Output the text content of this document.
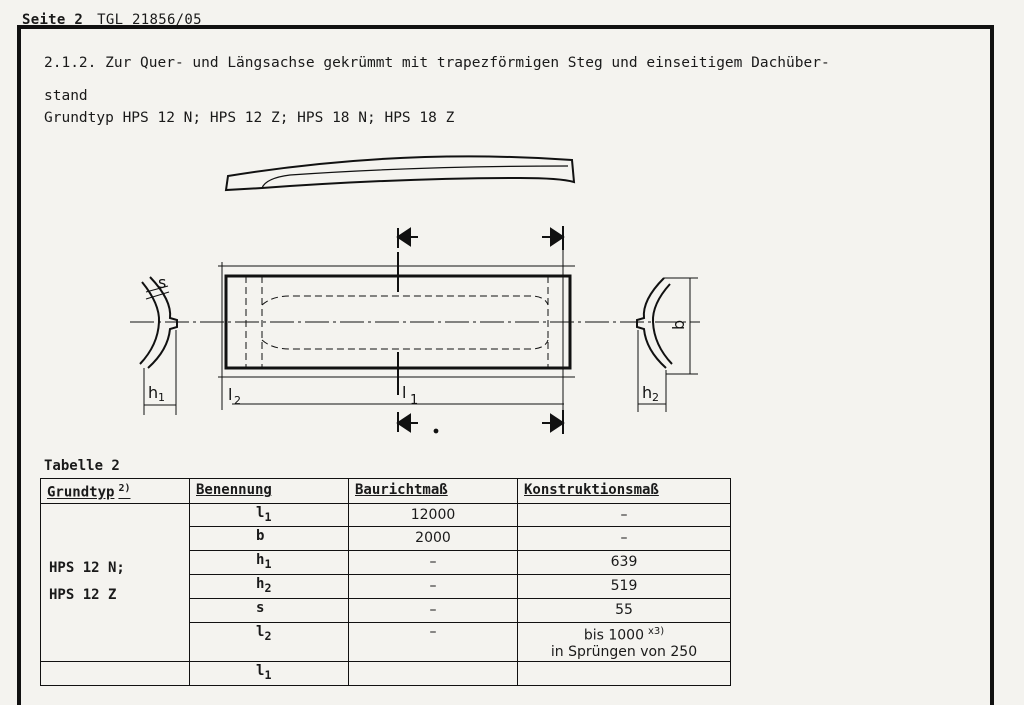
Seite 2 TGL 21856/05
2.1.2. Zur Quer- und Längsachse gekrümmt mit trapezförmigen Steg und einseitigem Dachüber-
stand
Grundtyp HPS 12 N; HPS 12 Z; HPS 18 N; HPS 18 Z
s
h 1	l 2	l 1	h 2
b
Tabelle 2
Grundtyp $^{2)}$	Benennung	Baurichtmaß	Konstruktionsmaß

HPS 12 N;
HPS 12 Z	$l_1$	12000	–
	b	2000	–
	$h_1$	–	639
	$h_2$	–	519
	s	–	55
	$l_2$	–	bis 1000 $^{x3)}$
in Sprüngen von 250

	$l_1$		
